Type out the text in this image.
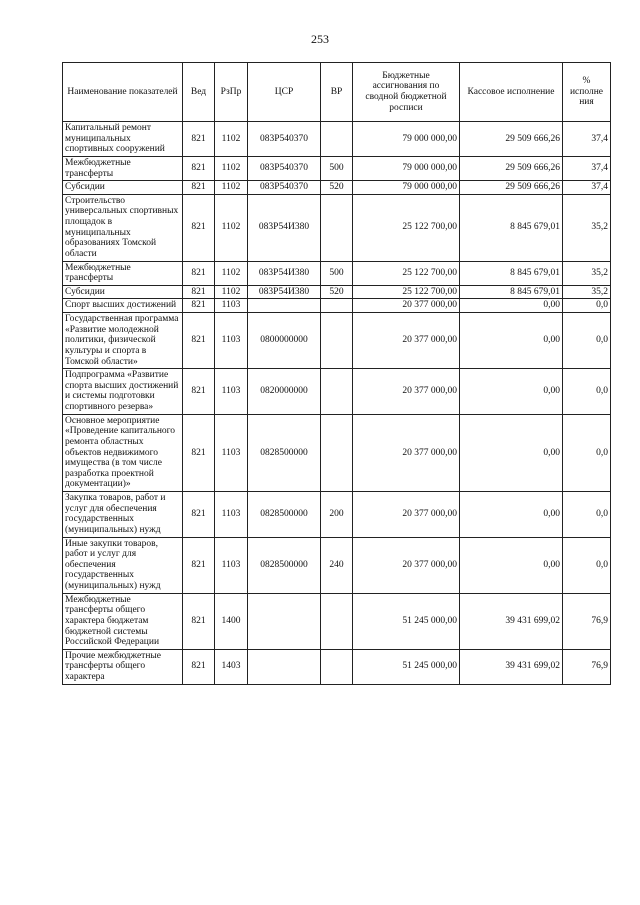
253
Наименование показателей	Вед	РзПр	ЦСР	ВР	Бюджетные ассигнования по сводной бюджетной росписи	Кассовое исполнение	% исполне ния
Капитальный ремонт муниципальных спортивных сооружений	821	1102	083P540370		79 000 000,00	29 509 666,26	37,4
Межбюджетные трансферты	821	1102	083P540370	500	79 000 000,00	29 509 666,26	37,4
Субсидии	821	1102	083P540370	520	79 000 000,00	29 509 666,26	37,4
Строительство универсальных спортивных площадок в муниципальных образованиях Томской области	821	1102	083P54И380		25 122 700,00	8 845 679,01	35,2
Межбюджетные трансферты	821	1102	083P54И380	500	25 122 700,00	8 845 679,01	35,2
Субсидии	821	1102	083P54И380	520	25 122 700,00	8 845 679,01	35,2
Спорт высших достижений	821	1103			20 377 000,00	0,00	0,0
Государственная программа «Развитие молодежной политики, физической культуры и спорта в Томской области»	821	1103	0800000000		20 377 000,00	0,00	0,0
Подпрограмма «Развитие спорта высших достижений и системы подготовки спортивного резерва»	821	1103	0820000000		20 377 000,00	0,00	0,0
Основное мероприятие «Проведение капитального ремонта областных объектов недвижимого имущества (в том числе разработка проектной документации)»	821	1103	0828500000		20 377 000,00	0,00	0,0
Закупка товаров, работ и услуг для обеспечения государственных (муниципальных) нужд	821	1103	0828500000	200	20 377 000,00	0,00	0,0
Иные закупки товаров, работ и услуг для обеспечения государственных (муниципальных) нужд	821	1103	0828500000	240	20 377 000,00	0,00	0,0
Межбюджетные трансферты общего характера бюджетам бюджетной системы Российской Федерации	821	1400			51 245 000,00	39 431 699,02	76,9
Прочие межбюджетные трансферты общего характера	821	1403			51 245 000,00	39 431 699,02	76,9
